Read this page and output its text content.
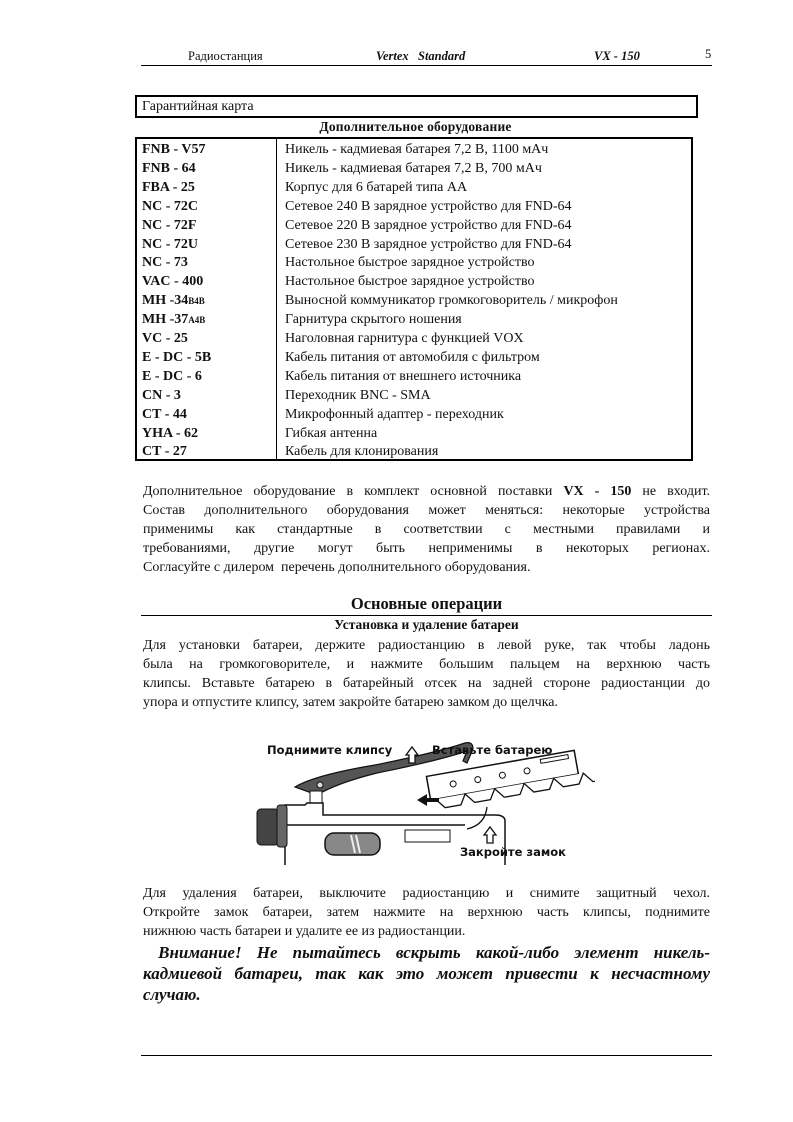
Радиостанция	Vertex   Standard	VX - 150	5
Гарантийная карта
Дополнительное оборудование
FNB - V57	Никель - кадмиевая батарея 7,2 В, 1100 мАч
FNB - 64	Никель - кадмиевая батарея 7,2 В, 700 мАч
FBA - 25	Корпус для 6 батарей типа АА
NC - 72C	Сетевое 240 В зарядное устройство для FND-64
NC - 72F	Сетевое 220 В зарядное устройство для FND-64
NC - 72U	Сетевое 230 В зарядное устройство для FND-64
NC - 73	Настольное быстрое зарядное устройство
VAC - 400	Настольное быстрое зарядное устройство
MH -34B4B	Выносной коммуникатор громкоговоритель / микрофон
MH -37A4B	Гарнитура скрытого ношения
VC - 25	Наголовная гарнитура с функцией VOX
E - DC - 5B	Кабель питания от автомобиля с фильтром
E - DC - 6	Кабель питания от внешнего источника
CN - 3	Переходник BNC - SMA
CT - 44	Микрофонный адаптер - переходник
YHA - 62	Гибкая антенна
CT - 27	Кабель для клонирования
Дополнительное оборудование в комплект основной поставки VX - 150 не входит.
Состав дополнительного оборудования может меняться: некоторые устройства
применимы как стандартные в соответствии с местными правилами и
требованиями, другие могут быть неприменимы в некоторых регионах.
Согласуйте с дилером  перечень дополнительного оборудования.
Основные операции
Установка и удаление батареи
Для установки батареи, держите радиостанцию в левой руке, так чтобы ладонь
была на громкоговорителе, и нажмите большим пальцем на верхнюю часть
клипсы. Вставьте батарею в батарейный отсек на задней стороне радиостанции до
упора и отпустите клипсу, затем закройте батарею замком до щелчка.
Поднимите клипсу	Вставьте батарею
Закройте замок
Для удаления батареи, выключите радиостанцию и снимите защитный чехол.
Откройте замок батареи, затем нажмите на верхнюю часть клипсы, поднимите
нижнюю часть батареи и удалите ее из радиостанции.
Внимание! Не пытайтесь вскрыть какой-либо элемент никель-
кадмиевой батареи, так как это может привести к несчастному
случаю.
